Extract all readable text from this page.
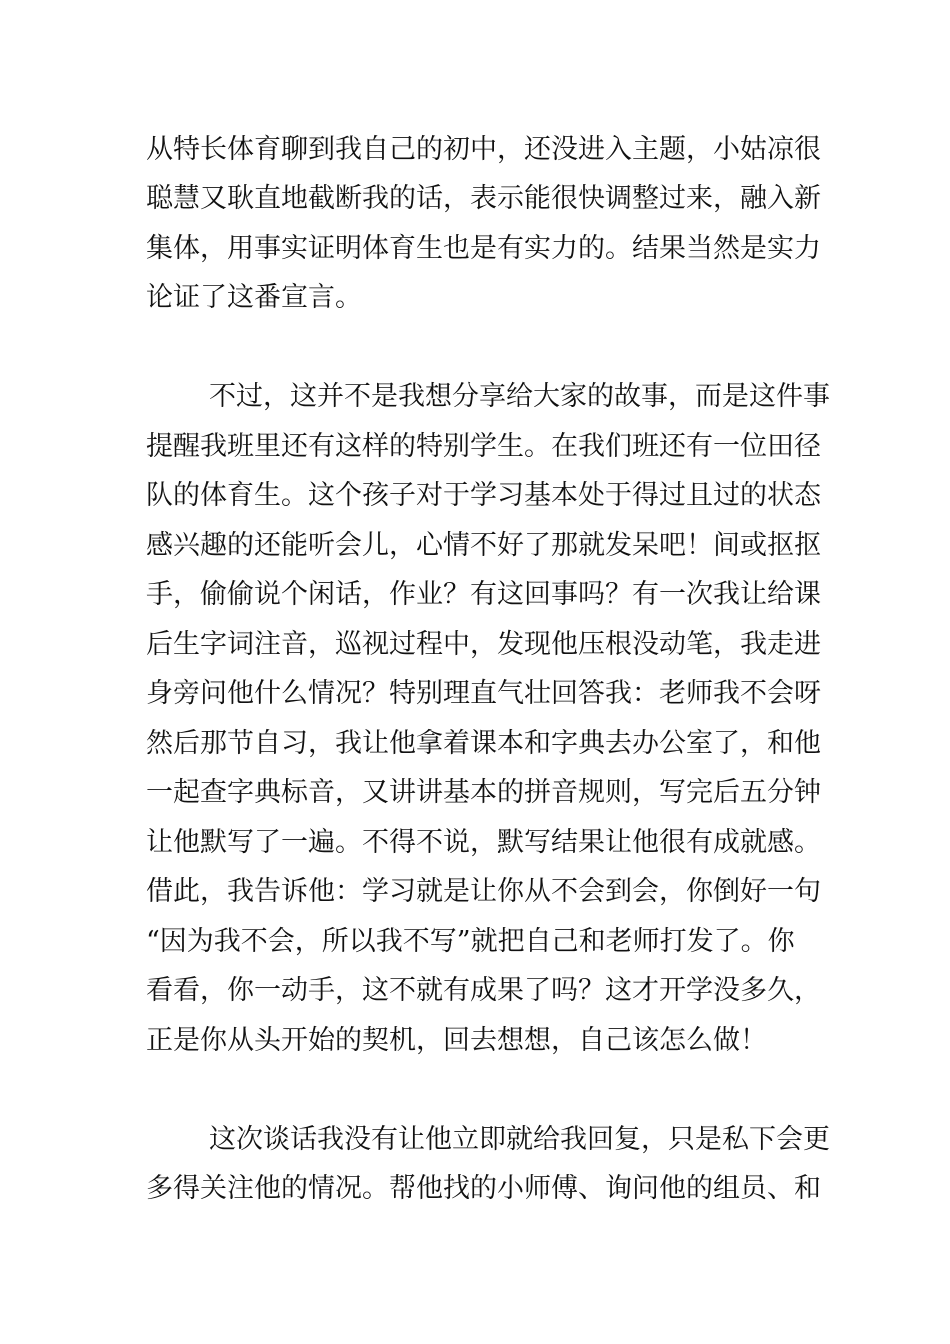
从特长体育聊到我自己的初中，还没进入主题，小姑凉很
聪慧又耿直地截断我的话，表示能很快调整过来，融入新
集体，用事实证明体育生也是有实力的。结果当然是实力
论证了这番宣言。
不过，这并不是我想分享给大家的故事，而是这件事
提醒我班里还有这样的特别学生。在我们班还有一位田径
队的体育生。这个孩子对于学习基本处于得过且过的状态
感兴趣的还能听会儿，心情不好了那就发呆吧！间或抠抠
手，偷偷说个闲话，作业？有这回事吗？有一次我让给课
后生字词注音，巡视过程中，发现他压根没动笔，我走进
身旁问他什么情况？特别理直气壮回答我：老师我不会呀
然后那节自习，我让他拿着课本和字典去办公室了，和他
一起查字典标音，又讲讲基本的拼音规则，写完后五分钟
让他默写了一遍。不得不说，默写结果让他很有成就感。
借此，我告诉他：学习就是让你从不会到会，你倒好一句
“因为我不会，所以我不写”就把自己和老师打发了。你
看看，你一动手，这不就有成果了吗？这才开学没多久，
正是你从头开始的契机，回去想想，自己该怎么做！
这次谈话我没有让他立即就给我回复，只是私下会更
多得关注他的情况。帮他找的小师傅、询问他的组员、和
